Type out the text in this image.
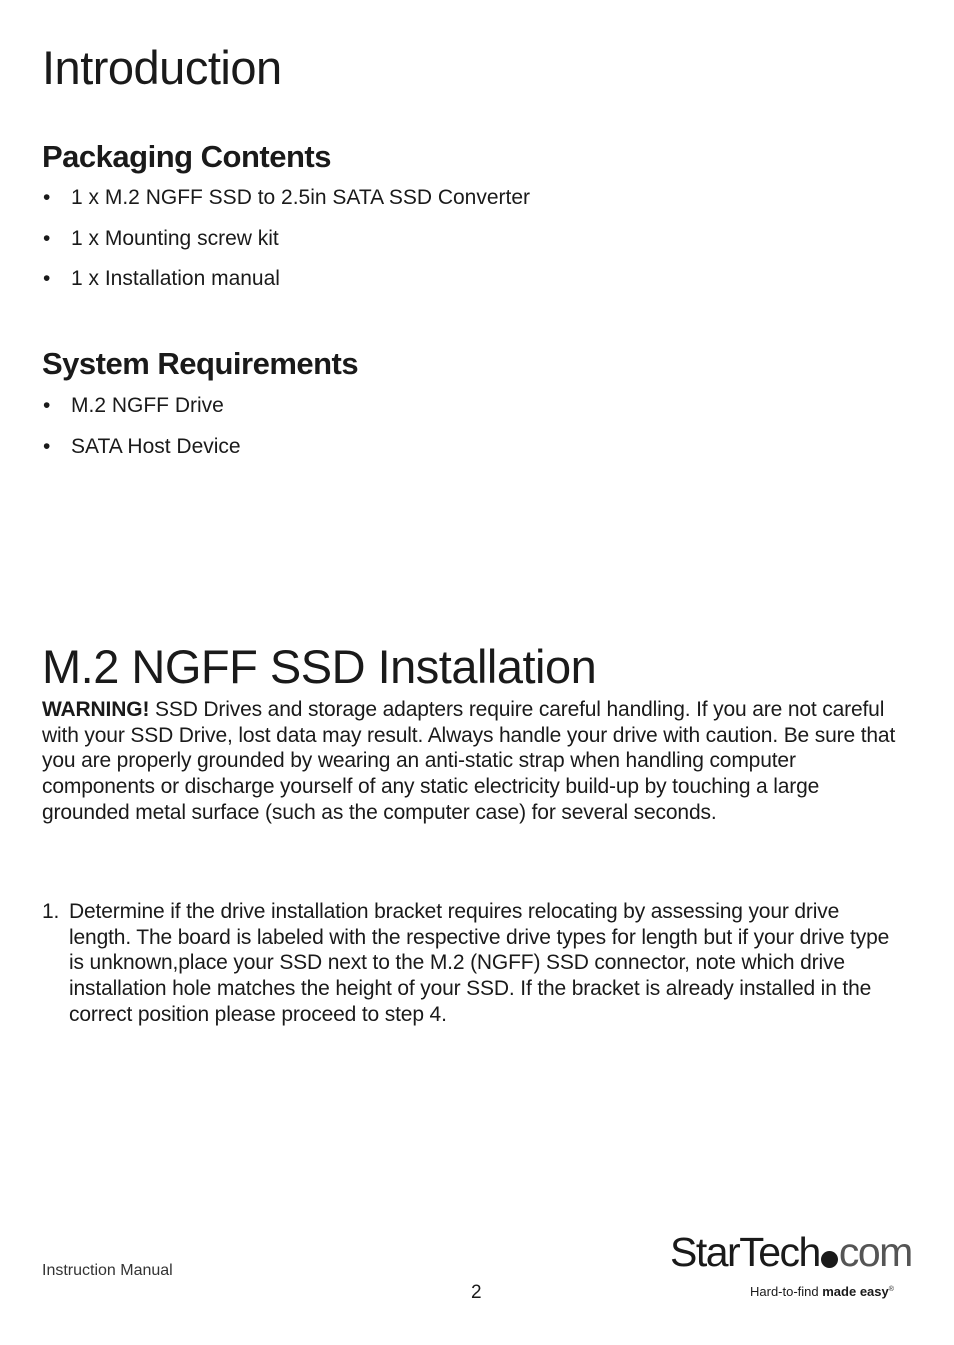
Introduction
Packaging Contents
• 1 x M.2 NGFF SSD to 2.5in SATA SSD Converter
• 1 x Mounting screw kit
• 1 x Installation manual
System Requirements
• M.2 NGFF Drive
• SATA Host Device
M.2 NGFF SSD Installation

WARNING! SSD Drives and storage adapters require careful handling. If you are not careful with your SSD Drive, lost data may result. Always handle your drive with caution. Be sure that you are properly grounded by wearing an anti-static strap when handling computer components or discharge yourself of any static electricity build-up by touching a large grounded metal surface (such as the computer case) for several seconds.

1. Determine if the drive installation bracket requires relocating by assessing your drive length. The board is labeled with the respective drive types for length but if your drive type is unknown,place your SSD next to the M.2 (NGFF) SSD connector, note which drive installation hole matches the height of your SSD. If the bracket is already installed in the correct position please proceed to step 4.
Instruction Manual
2
StarTech com
Hard-to-find made easy®
